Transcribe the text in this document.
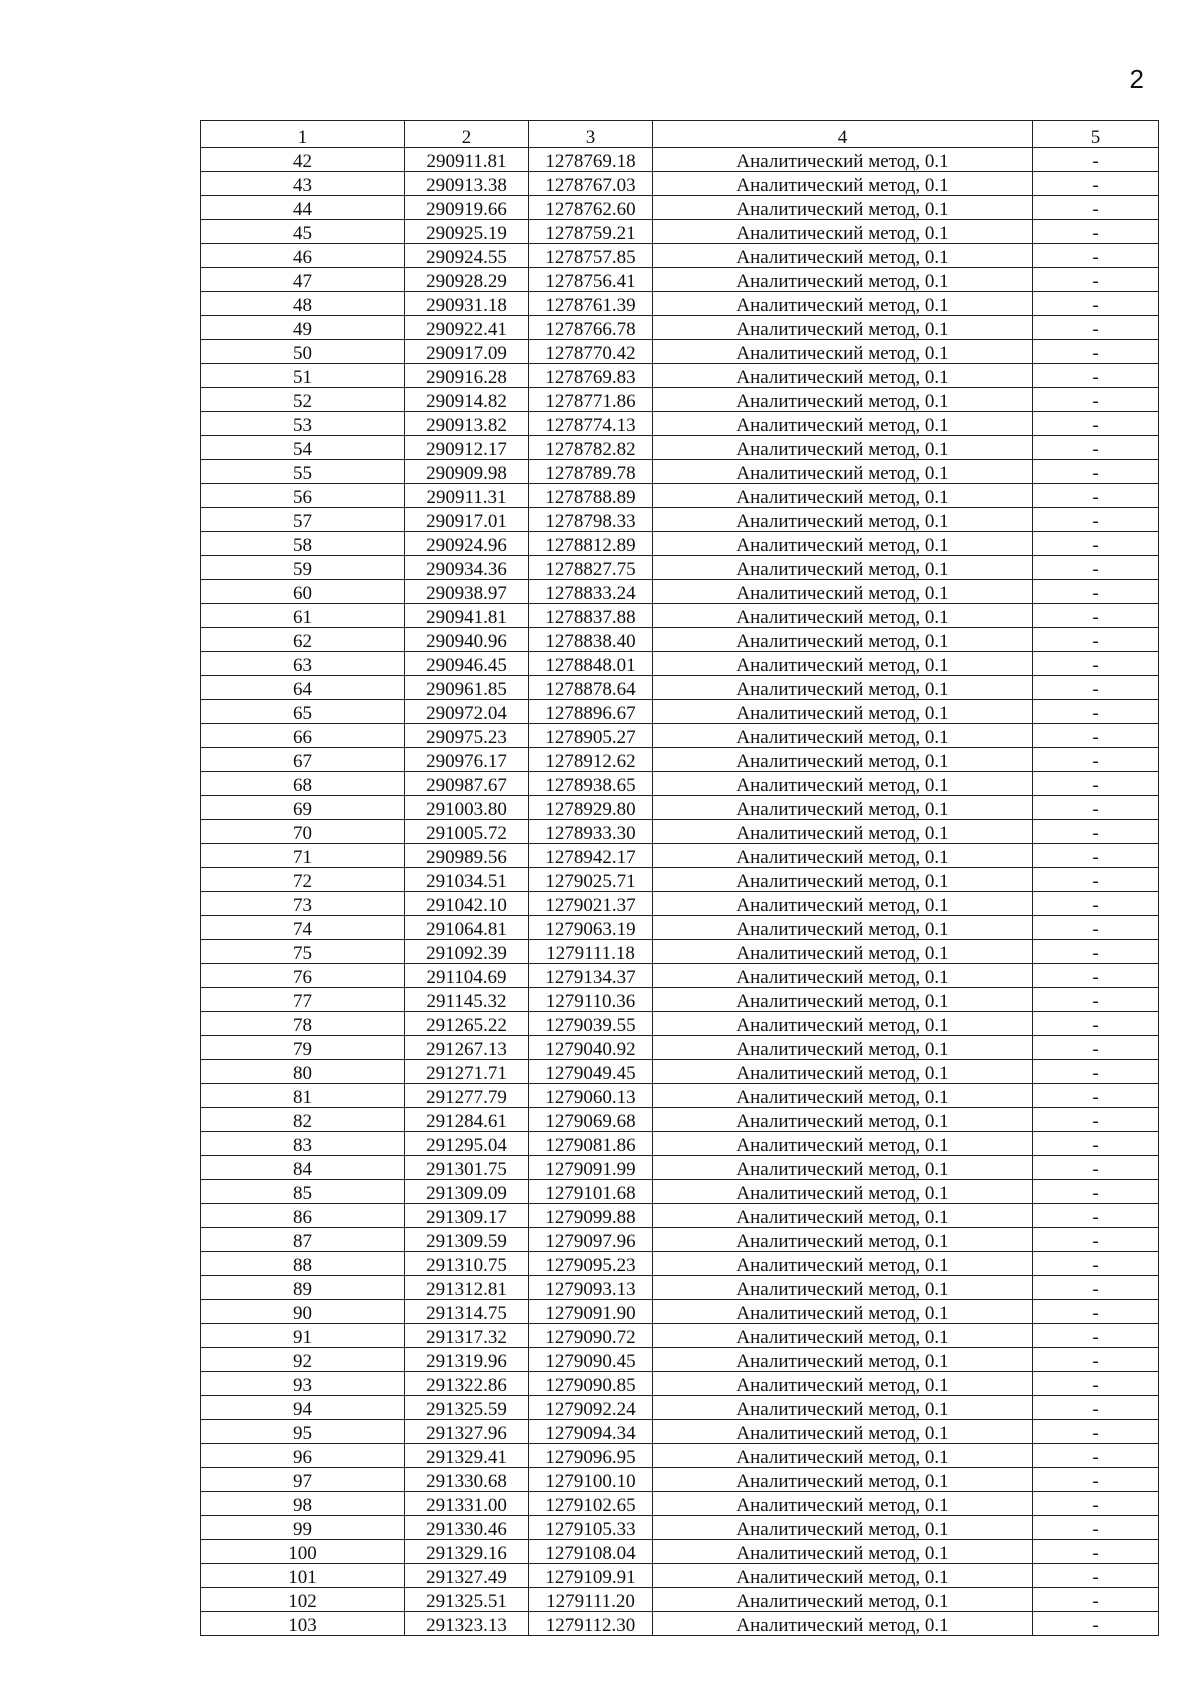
2
1	2	3	4	5
42	290911.81	1278769.18	Аналитический метод, 0.1	-
43	290913.38	1278767.03	Аналитический метод, 0.1	-
44	290919.66	1278762.60	Аналитический метод, 0.1	-
45	290925.19	1278759.21	Аналитический метод, 0.1	-
46	290924.55	1278757.85	Аналитический метод, 0.1	-
47	290928.29	1278756.41	Аналитический метод, 0.1	-
48	290931.18	1278761.39	Аналитический метод, 0.1	-
49	290922.41	1278766.78	Аналитический метод, 0.1	-
50	290917.09	1278770.42	Аналитический метод, 0.1	-
51	290916.28	1278769.83	Аналитический метод, 0.1	-
52	290914.82	1278771.86	Аналитический метод, 0.1	-
53	290913.82	1278774.13	Аналитический метод, 0.1	-
54	290912.17	1278782.82	Аналитический метод, 0.1	-
55	290909.98	1278789.78	Аналитический метод, 0.1	-
56	290911.31	1278788.89	Аналитический метод, 0.1	-
57	290917.01	1278798.33	Аналитический метод, 0.1	-
58	290924.96	1278812.89	Аналитический метод, 0.1	-
59	290934.36	1278827.75	Аналитический метод, 0.1	-
60	290938.97	1278833.24	Аналитический метод, 0.1	-
61	290941.81	1278837.88	Аналитический метод, 0.1	-
62	290940.96	1278838.40	Аналитический метод, 0.1	-
63	290946.45	1278848.01	Аналитический метод, 0.1	-
64	290961.85	1278878.64	Аналитический метод, 0.1	-
65	290972.04	1278896.67	Аналитический метод, 0.1	-
66	290975.23	1278905.27	Аналитический метод, 0.1	-
67	290976.17	1278912.62	Аналитический метод, 0.1	-
68	290987.67	1278938.65	Аналитический метод, 0.1	-
69	291003.80	1278929.80	Аналитический метод, 0.1	-
70	291005.72	1278933.30	Аналитический метод, 0.1	-
71	290989.56	1278942.17	Аналитический метод, 0.1	-
72	291034.51	1279025.71	Аналитический метод, 0.1	-
73	291042.10	1279021.37	Аналитический метод, 0.1	-
74	291064.81	1279063.19	Аналитический метод, 0.1	-
75	291092.39	1279111.18	Аналитический метод, 0.1	-
76	291104.69	1279134.37	Аналитический метод, 0.1	-
77	291145.32	1279110.36	Аналитический метод, 0.1	-
78	291265.22	1279039.55	Аналитический метод, 0.1	-
79	291267.13	1279040.92	Аналитический метод, 0.1	-
80	291271.71	1279049.45	Аналитический метод, 0.1	-
81	291277.79	1279060.13	Аналитический метод, 0.1	-
82	291284.61	1279069.68	Аналитический метод, 0.1	-
83	291295.04	1279081.86	Аналитический метод, 0.1	-
84	291301.75	1279091.99	Аналитический метод, 0.1	-
85	291309.09	1279101.68	Аналитический метод, 0.1	-
86	291309.17	1279099.88	Аналитический метод, 0.1	-
87	291309.59	1279097.96	Аналитический метод, 0.1	-
88	291310.75	1279095.23	Аналитический метод, 0.1	-
89	291312.81	1279093.13	Аналитический метод, 0.1	-
90	291314.75	1279091.90	Аналитический метод, 0.1	-
91	291317.32	1279090.72	Аналитический метод, 0.1	-
92	291319.96	1279090.45	Аналитический метод, 0.1	-
93	291322.86	1279090.85	Аналитический метод, 0.1	-
94	291325.59	1279092.24	Аналитический метод, 0.1	-
95	291327.96	1279094.34	Аналитический метод, 0.1	-
96	291329.41	1279096.95	Аналитический метод, 0.1	-
97	291330.68	1279100.10	Аналитический метод, 0.1	-
98	291331.00	1279102.65	Аналитический метод, 0.1	-
99	291330.46	1279105.33	Аналитический метод, 0.1	-
100	291329.16	1279108.04	Аналитический метод, 0.1	-
101	291327.49	1279109.91	Аналитический метод, 0.1	-
102	291325.51	1279111.20	Аналитический метод, 0.1	-
103	291323.13	1279112.30	Аналитический метод, 0.1	-
